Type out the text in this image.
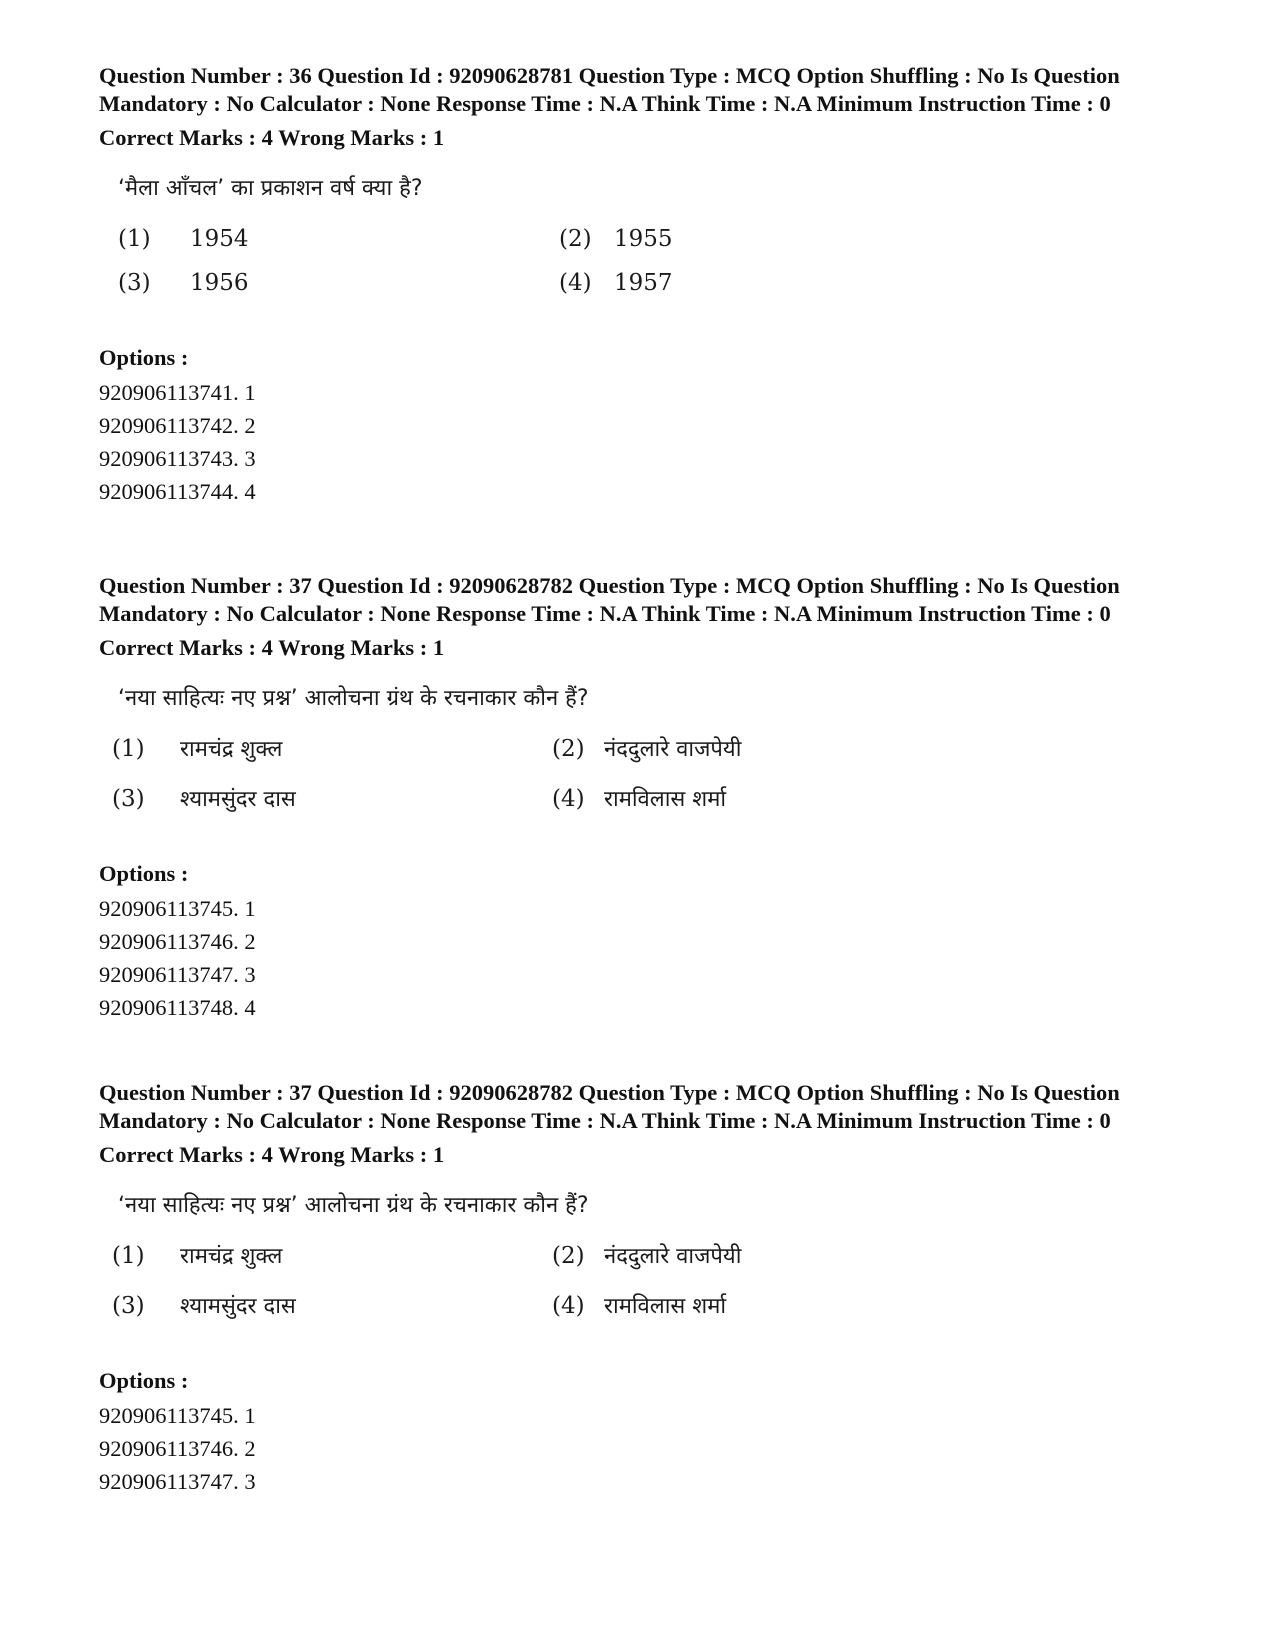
Question Number : 36 Question Id : 92090628781 Question Type : MCQ Option Shuffling : No Is Question Mandatory : No Calculator : None Response Time : N.A Think Time : N.A Minimum Instruction Time : 0
Correct Marks : 4 Wrong Marks : 1
‘मैला आँचल’ का प्रकाशन वर्ष क्या है?
(1) 1954	(2) 1955
(3) 1956	(4) 1957
Options :
920906113741. 1
920906113742. 2
920906113743. 3
920906113744. 4
Question Number : 37 Question Id : 92090628782 Question Type : MCQ Option Shuffling : No Is Question Mandatory : No Calculator : None Response Time : N.A Think Time : N.A Minimum Instruction Time : 0
Correct Marks : 4 Wrong Marks : 1
‘नया साहित्यः नए प्रश्न’ आलोचना ग्रंथ के रचनाकार कौन हैं?
(1) रामचंद्र शुक्ल	(2) नंददुलारे वाजपेयी
(3) श्यामसुंदर दास	(4) रामविलास शर्मा
Options :
920906113745. 1
920906113746. 2
920906113747. 3
920906113748. 4
Question Number : 37 Question Id : 92090628782 Question Type : MCQ Option Shuffling : No Is Question Mandatory : No Calculator : None Response Time : N.A Think Time : N.A Minimum Instruction Time : 0
Correct Marks : 4 Wrong Marks : 1
‘नया साहित्यः नए प्रश्न’ आलोचना ग्रंथ के रचनाकार कौन हैं?
(1) रामचंद्र शुक्ल	(2) नंददुलारे वाजपेयी
(3) श्यामसुंदर दास	(4) रामविलास शर्मा
Options :
920906113745. 1
920906113746. 2
920906113747. 3
